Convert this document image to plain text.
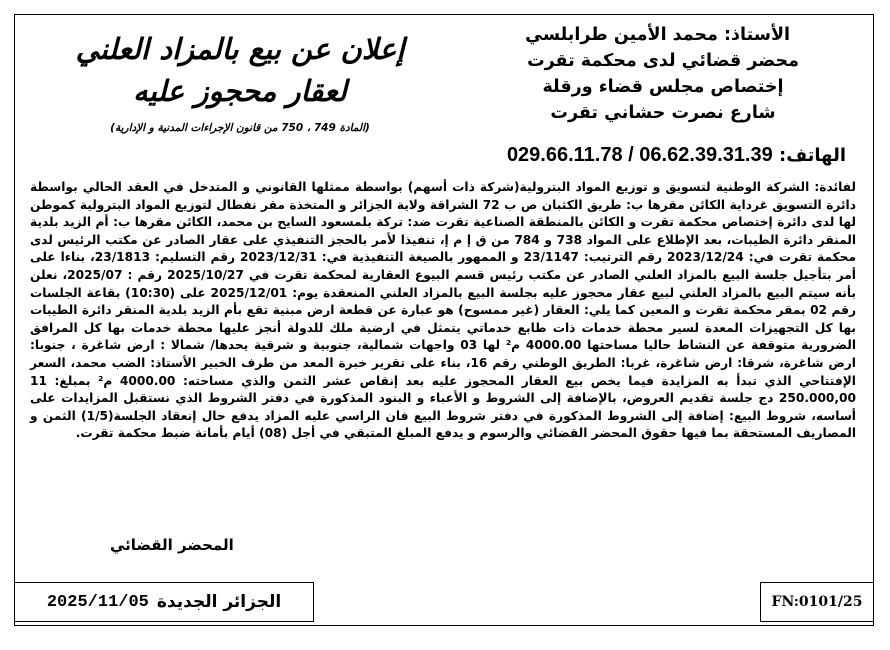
الأستاذ: محمد الأمين طرابلسي
محضر قضائي لدى محكمة تقرت
إختصاص مجلس قضاء ورقلة
شارع نصرت حشاني تقرت
إعلان عن بيع بالمزاد العلني
لعقار محجوز عليه
(المادة 749 ، 750 من قانون الإجراءات المدنية و الإدارية)
الهاتف: 029.66.11.78 / 06.62.39.31.39
لفائدة: الشركة الوطنية لتسويق و توزيع المواد البترولية(شركة ذات أسهم) بواسطة ممثلها القانوني و المتدخل في العقد الحالي بواسطة دائرة التسويق غرداية الكائن مقرها ب: طريق الكثبان ص ب 72 الشراقة ولاية الجزائر و المتخذة مقر نفطال لتوزيع المواد البترولية كموطن لها لدى دائرة إختصاص محكمة تقرت و الكائن بالمنطقة الصناعية تقرت ضد: تركة بلمسعود السايح بن محمد، الكائن مقرها ب: أم الزيد بلدية المنقر دائرة الطيبات، بعد الإطلاع على المواد 738 و 784 من ق إ م إ، تنفيذا لأمر بالحجز التنفيذي على عقار الصادر عن مكتب الرئيس لدى محكمة تقرت في: 2023/12/24 رقم الترتيب: 23/1147 و الممهور بالصيغة التنفيذية في: 2023/12/31 رقم التسليم: 23/1813، بناءا على أمر بتأجيل جلسة البيع بالمزاد العلني الصادر عن مكتب رئيس قسم البيوع العقارية لمحكمة تقرت في 2025/10/27 رقم : 2025/07، نعلن بأنه سيتم البيع بالمزاد العلني لبيع عقار محجوز عليه بجلسة البيع بالمزاد العلني المنعقدة يوم: 2025/12/01 على (10:30) بقاعة الجلسات رقم 02 بمقر محكمة تقرت و المعين كما يلي: العقار (غير ممسوح) هو عبارة عن قطعة ارض مبنية تقع بأم الزيد بلدية المنقر دائرة الطيبات بها كل التجهيزات المعدة لسير محطة خدمات ذات طابع خدماتي يتمثل في ارضية ملك للدولة أنجز عليها محطة خدمات بها كل المرافق الضرورية متوقفة عن النشاط حاليا مساحتها 4000.00 م² لها 03 واجهات شمالية، جنوبية و شرقية يحدها/ شمالا : ارض شاغرة ، جنوبا: ارض شاغرة، شرقا: ارض شاغرة، غربا: الطريق الوطني رقم 16، بناء على تقرير خبرة المعد من طرف الخبير الأستاذ: الضب محمد، السعر الإفتتاحي الذي تبدأ به المزايدة فيما يخص بيع العقار المحجوز عليه بعد إنقاص عشر الثمن والذي مساحته: 4000.00 م² بمبلغ: 11 250.000,00 دج جلسة تقديم العروض، بالإضافة إلى الشروط و الأعباء و البنود المذكورة في دفتر الشروط الذي نستقبل المزايدات على أساسه، شروط البيع: إضافة إلى الشروط المذكورة في دفتر شروط البيع فان الراسي عليه المزاد يدفع حال إنعقاد الجلسة(1/5) الثمن و المصاريف المستحقة بما فيها حقوق المحضر القضائي والرسوم و يدفع المبلغ المتبقي في أجل (08) أيام بأمانة ضبط محكمة تقرت.
المحضر القضائي
الجزائر الجديدة
2025/11/05	FN:0101/25
